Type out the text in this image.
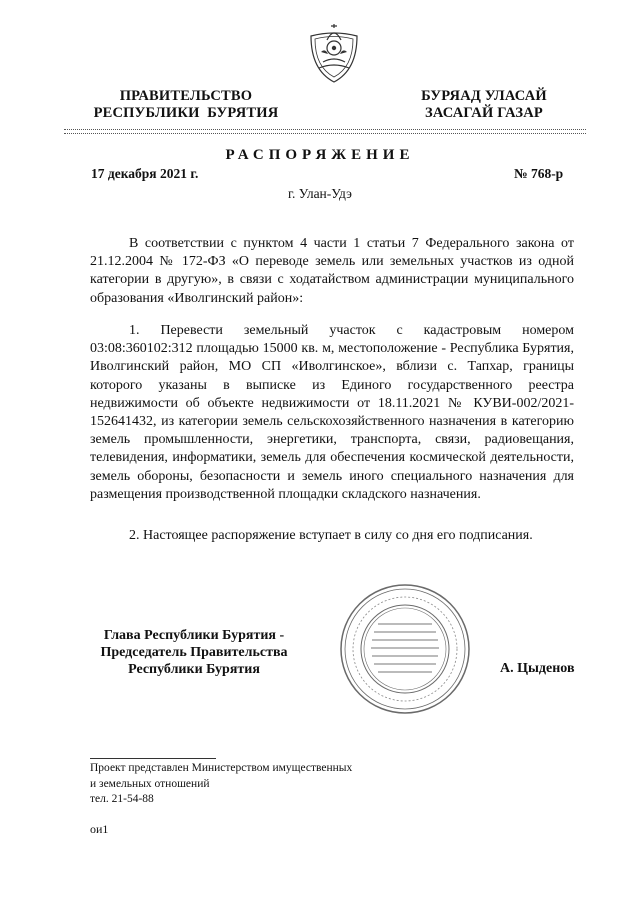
ПРАВИТЕЛЬСТВО
РЕСПУБЛИКИ  БУРЯТИЯ
БУРЯАД УЛАСАЙ
ЗАСАГАЙ ГАЗАР
РАСПОРЯЖЕНИЕ
17 декабря 2021 г.	№ 768-р
г. Улан-Удэ

В соответствии с пунктом 4 части 1 статьи 7 Федерального закона от 21.12.2004 № 172-ФЗ «О переводе земель или земельных участков из одной категории в другую», в связи с ходатайством администрации муниципального образования «Иволгинский район»:

1. Перевести земельный участок с кадастровым номером 03:08:360102:312 площадью 15000 кв. м, местоположение - Республика Бурятия, Иволгинский район, МО СП «Иволгинское», вблизи с. Тапхар, границы которого указаны в выписке из Единого государственного реестра недвижимости об объекте недвижимости от 18.11.2021 № КУВИ-002/2021-152641432, из категории земель сельскохозяйственного назначения в категорию земель промышленности, энергетики, транспорта, связи, радиовещания, телевидения, информатики, земель для обеспечения космической деятельности, земель обороны, безопасности и земель иного специального назначения для размещения производственной площадки складского назначения.

2. Настоящее распоряжение вступает в силу со дня его подписания.

Глава Республики Бурятия -
Председатель Правительства
Республики Бурятия	А. Цыденов
Проект представлен Министерством имущественных
и земельных отношений
тел. 21-54-88
ои1
